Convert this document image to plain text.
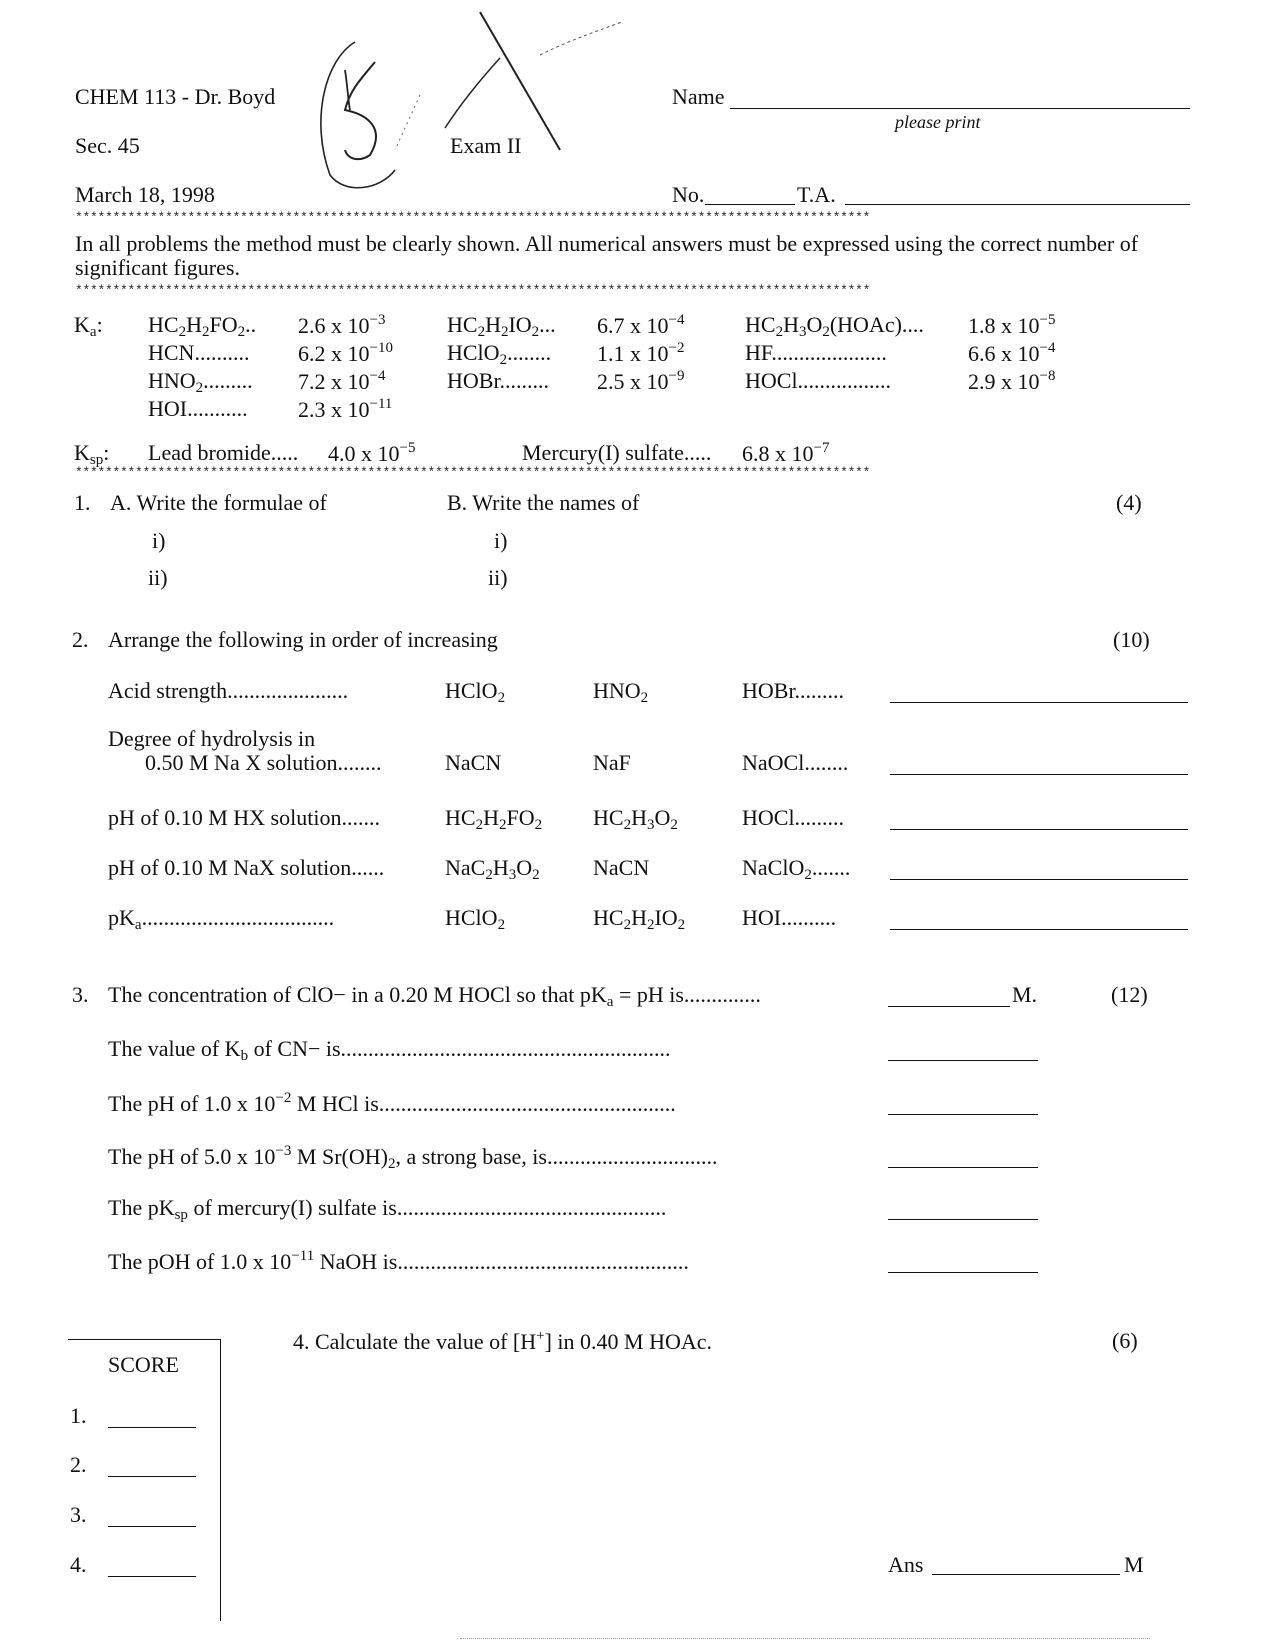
CHEM 113 - Dr. Boyd
Sec. 45
March 18, 1998
Exam II
Name
please print
No.	T.A.
**********************************************************************************************************
In all problems the method must be clearly shown. All numerical answers must be expressed using the correct number of significant figures.
**********************************************************************************************************
$K_a$: $HC_2H_2FO_2$.. 2.6 x $10^{-3}$	$HC_2H_2IO_2$... 6.7 x $10^{-4}$	$HC_2H_3O_2(HOAc)$.... 1.8 x $10^{-5}$
HCN.......... 6.2 x $10^{-10}$ HClO$_2$........ 1.1 x $10^{-2}$	HF.....................	6.6 x $10^{-4}$
$HNO_2$......... 7.2 x $10^{-4}$	HOBr......... 2.5 x $10^{-9}$	HOCl.................	2.9 x $10^{-8}$
HOI........... 2.3 x $10^{-11}$
$K_{sp}$: Lead bromide..... 4.0 x $10^{-5}$	Mercury(I) sulfate..... 6.8 x $10^{-7}$
**********************************************************************************************************
1. A. Write the formulae of	B. Write the names of	(4)
i)
ii)
i)
ii)
2. Arrange the following in order of increasing	(10)
Acid strength......................	HClO$_2$	$HNO_2$	HOBr.........
Degree of hydrolysis in
0.50 M Na X solution........	NaCN	NaF	NaOCl........
pH of 0.10 M HX solution.......	$HC_2H_2FO_2$ $HC_2H_3O_2$	HOCl.........
pH of 0.10 M NaX solution......	$NaC_2H_3O_2$ NaCN	NaClO$_2$.......
$pK_a$...................................	HClO$_2$	$HC_2H_2IO_2$	HOI..........
3.	(12)
The concentration of ClO− in a 0.20 M HOCl so that $pK_a$ = pH is..............
The value of $K_b$ of CN− is............................................................
The pH of 1.0 x $10^{-2}$ M HCl is......................................................
The pH of 5.0 x $10^{-3}$ M $Sr(OH)_2$, a strong base, is...............................
The $pK_{sp}$ of mercury(I) sulfate is.................................................
The pOH of 1.0 x $10^{-11}$ NaOH is.....................................................
M.
4. Calculate the value of [H+] in 0.40 M HOAc.	(6)
Ans	M
SCORE
1.
2.
3.
4.
